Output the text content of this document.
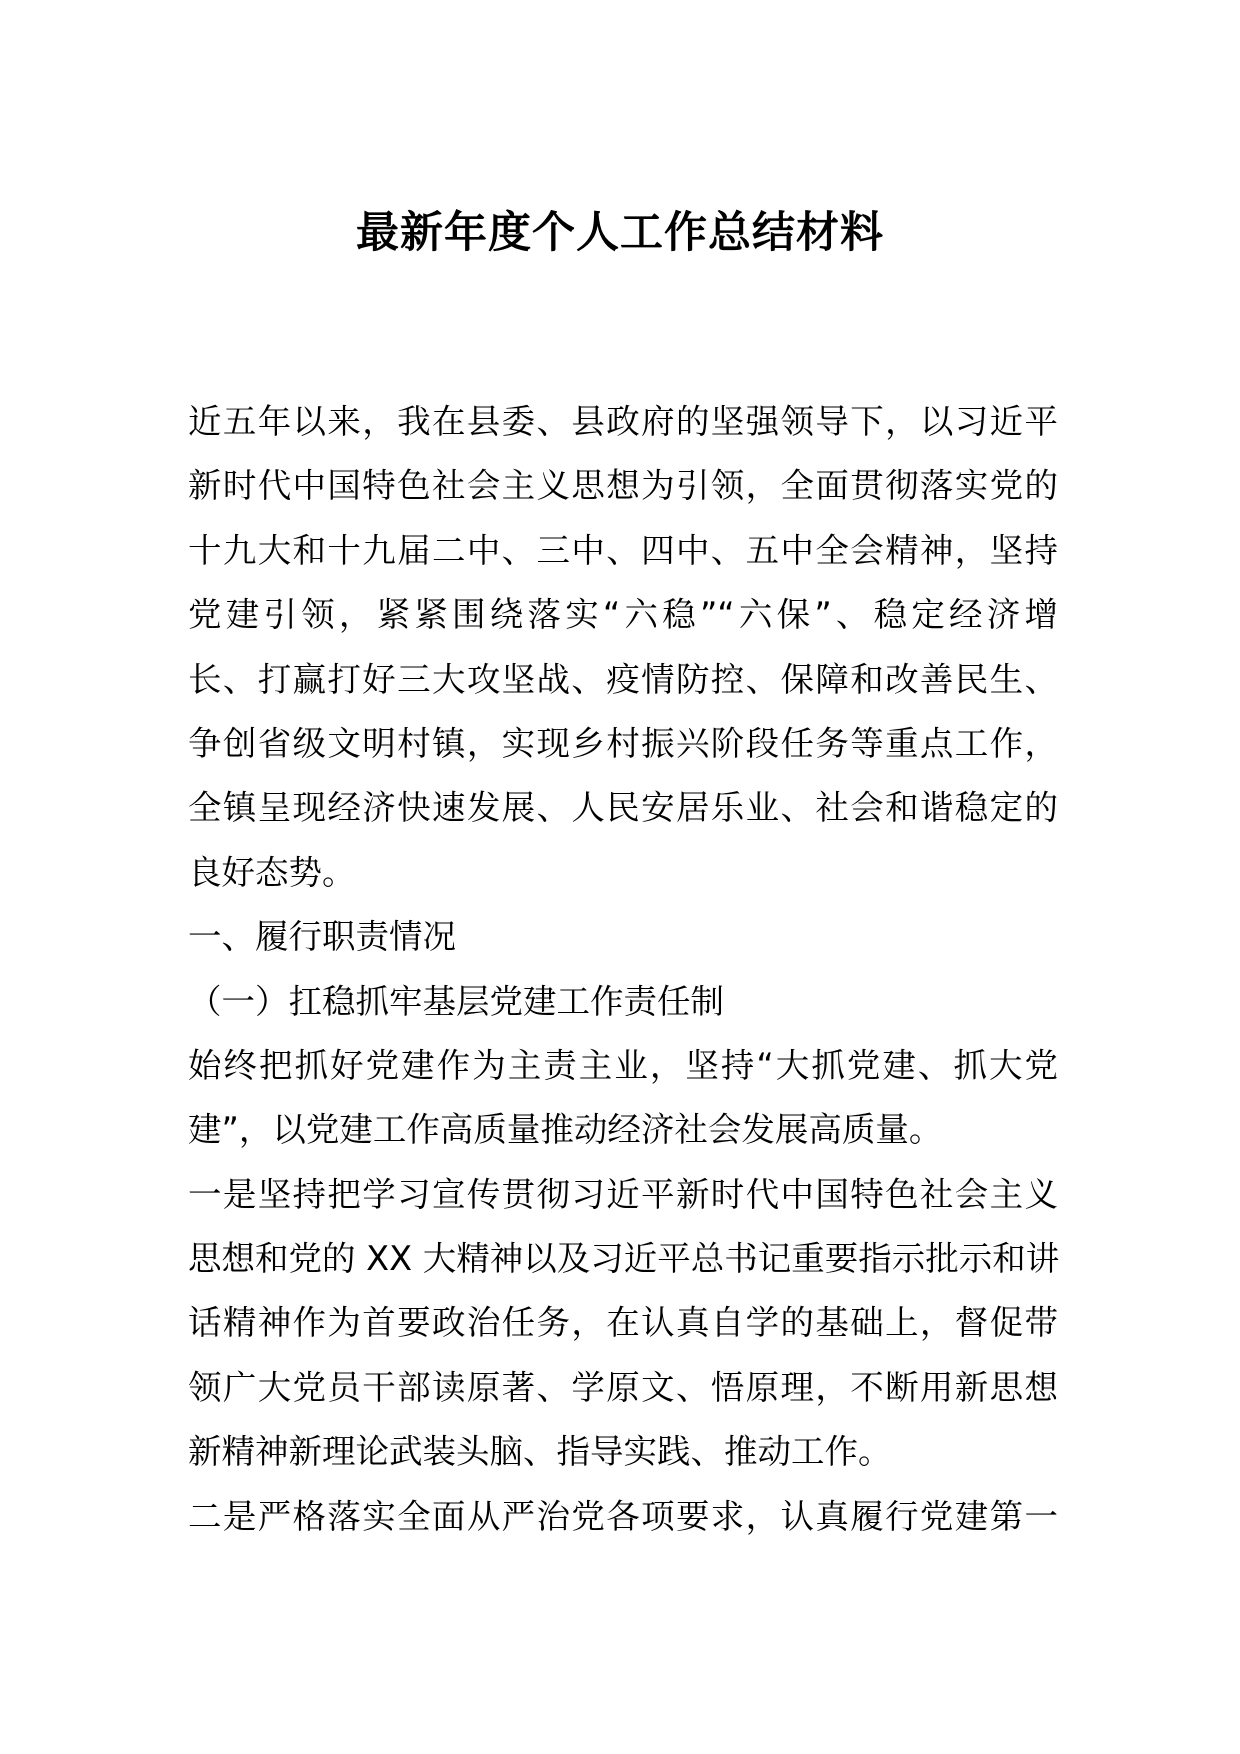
最新年度个人工作总结材料
近五年以来，我在县委、县政府的坚强领导下，以习近平
新时代中国特色社会主义思想为引领，全面贯彻落实党的
十九大和十九届二中、三中、四中、五中全会精神，坚持
党建引领，紧紧围绕落实“六稳”“六保”、稳定经济增
长、打赢打好三大攻坚战、疫情防控、保障和改善民生、
争创省级文明村镇，实现乡村振兴阶段任务等重点工作，
全镇呈现经济快速发展、人民安居乐业、社会和谐稳定的
良好态势。
一、履行职责情况
（一）扛稳抓牢基层党建工作责任制
始终把抓好党建作为主责主业，坚持“大抓党建、抓大党
建”，以党建工作高质量推动经济社会发展高质量。
一是坚持把学习宣传贯彻习近平新时代中国特色社会主义
思想和党的 XX 大精神以及习近平总书记重要指示批示和讲
话精神作为首要政治任务，在认真自学的基础上，督促带
领广大党员干部读原著、学原文、悟原理，不断用新思想
新精神新理论武装头脑、指导实践、推动工作。
二是严格落实全面从严治党各项要求，认真履行党建第一
